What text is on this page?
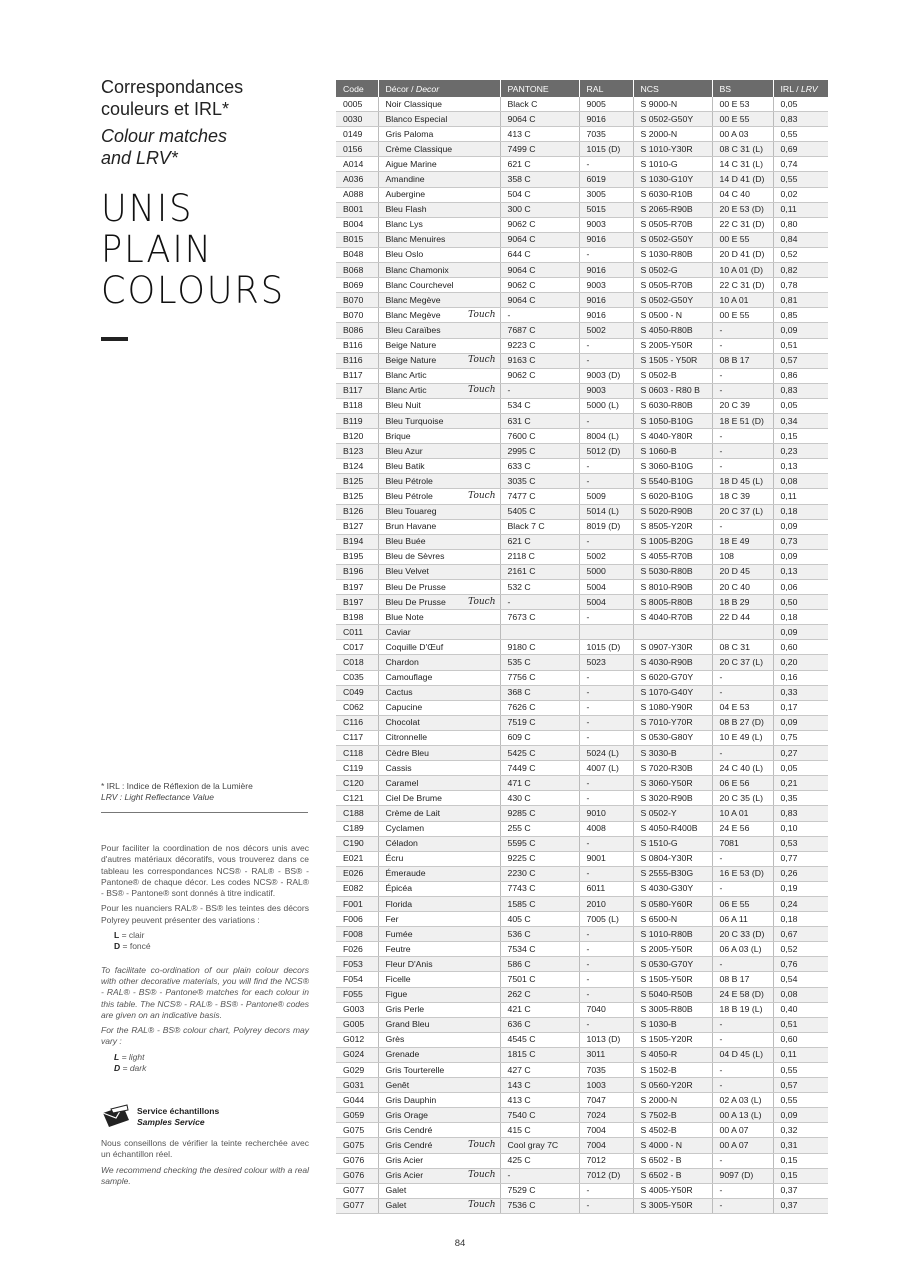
Correspondances
couleurs et IRL*
Colour matches
and LRV*
UNIS
PLAIN
COLOURS
* IRL : Indice de Réflexion de la Lumière
LRV : Light Reflectance Value

Pour faciliter la coordination de nos décors unis avec d'autres matériaux décoratifs, vous trouverez dans ce tableau les correspondances NCS® - RAL® - BS® - Pantone® de chaque décor. Les codes NCS® - RAL® - BS® - Pantone® sont donnés à titre indicatif.

Pour les nuanciers RAL® - BS® les teintes des décors Polyrey peuvent présenter des variations :

L = clair
D = foncé

To facilitate co-ordination of our plain colour decors with other decorative materials, you will find the NCS® - RAL® - BS® - Pantone® matches for each colour in this table. The NCS® - RAL® - BS® - Pantone® codes are given on an indicative basis.

For the RAL® - BS® colour chart, Polyrey decors may vary :

L = light
D = dark
Service échantillons
Samples Service

Nous conseillons de vérifier la teinte recherchée avec un échantillon réel.

We recommend checking the desired colour with a real sample.

Code	Décor / Decor	PANTONE	RAL	NCS	BS	IRL / LRV
0005	Noir Classique	Black C	9005	S 9000-N	00 E 53	0,05
0030	Blanco Especial	9064 C	9016	S 0502-G50Y	00 E 55	0,83
0149	Gris Paloma	413 C	7035	S 2000-N	00 A 03	0,55
0156	Crème Classique	7499 C	1015 (D)	S 1010-Y30R	08 C 31 (L)	0,69
A014	Aigue Marine	621 C	-	S 1010-G	14 C 31 (L)	0,74
A036	Amandine	358 C	6019	S 1030-G10Y	14 D 41 (D)	0,55
A088	Aubergine	504 C	3005	S 6030-R10B	04 C 40	0,02
B001	Bleu Flash	300 C	5015	S 2065-R90B	20 E 53 (D)	0,11
B004	Blanc Lys	9062 C	9003	S 0505-R70B	22 C 31 (D)	0,80
B015	Blanc Menuires	9064 C	9016	S 0502-G50Y	00 E 55	0,84
B048	Bleu Oslo	644 C	-	S 1030-R80B	20 D 41 (D)	0,52
B068	Blanc Chamonix	9064 C	9016	S 0502-G	10 A 01 (D)	0,82
B069	Blanc Courchevel	9062 C	9003	S 0505-R70B	22 C 31 (D)	0,78
B070	Blanc Megève	9064 C	9016	S 0502-G50Y	10 A 01	0,81
B070	Blanc Megève Touch	-	9016	S 0500 - N	00 E 55	0,85
B086	Bleu Caraïbes	7687 C	5002	S 4050-R80B	-	0,09
B116	Beige Nature	9223 C	-	S 2005-Y50R	-	0,51
B116	Beige Nature Touch	9163 C	-	S 1505 - Y50R	08 B 17	0,57
B117	Blanc Artic	9062 C	9003 (D)	S 0502-B	-	0,86
B117	Blanc Artic Touch	-	9003	S 0603 - R80 B	-	0,83
B118	Bleu Nuit	534 C	5000 (L)	S 6030-R80B	20 C 39	0,05
B119	Bleu Turquoise	631 C	-	S 1050-B10G	18 E 51 (D)	0,34
B120	Brique	7600 C	8004 (L)	S 4040-Y80R	-	0,15
B123	Bleu Azur	2995 C	5012 (D)	S 1060-B	-	0,23
B124	Bleu Batik	633 C	-	S 3060-B10G	-	0,13
B125	Bleu Pétrole	3035 C	-	S 5540-B10G	18 D 45 (L)	0,08
B125	Bleu Pétrole Touch	7477 C	5009	S 6020-B10G	18 C 39	0,11
B126	Bleu Touareg	5405 C	5014 (L)	S 5020-R90B	20 C 37 (L)	0,18
B127	Brun Havane	Black 7 C	8019 (D)	S 8505-Y20R	-	0,09
B194	Bleu Buée	621 C	-	S 1005-B20G	18 E 49	0,73
B195	Bleu de Sèvres	2118 C	5002	S 4055-R70B	108	0,09
B196	Bleu Velvet	2161 C	5000	S 5030-R80B	20 D 45	0,13
B197	Bleu De Prusse	532 C	5004	S 8010-R90B	20 C 40	0,06
B197	Bleu De Prusse Touch	-	5004	S 8005-R80B	18 B 29	0,50
B198	Blue Note	7673 C	-	S 4040-R70B	22 D 44	0,18
C011	Caviar					0,09
C017	Coquille D'Œuf	9180 C	1015 (D)	S 0907-Y30R	08 C 31	0,60
C018	Chardon	535 C	5023	S 4030-R90B	20 C 37 (L)	0,20
C035	Camouflage	7756 C	-	S 6020-G70Y	-	0,16
C049	Cactus	368 C	-	S 1070-G40Y	-	0,33
C062	Capucine	7626 C	-	S 1080-Y90R	04 E 53	0,17
C116	Chocolat	7519 C	-	S 7010-Y70R	08 B 27 (D)	0,09
C117	Citronnelle	609 C	-	S 0530-G80Y	10 E 49 (L)	0,75
C118	Cèdre Bleu	5425 C	5024 (L)	S 3030-B	-	0,27
C119	Cassis	7449 C	4007 (L)	S 7020-R30B	24 C 40 (L)	0,05
C120	Caramel	471 C	-	S 3060-Y50R	06 E 56	0,21
C121	Ciel De Brume	430 C	-	S 3020-R90B	20 C 35 (L)	0,35
C188	Crème de Lait	9285 C	9010	S 0502-Y	10 A 01	0,83
C189	Cyclamen	255 C	4008	S 4050-R400B	24 E 56	0,10
C190	Céladon	5595 C	-	S 1510-G	7081	0,53
E021	Écru	9225 C	9001	S 0804-Y30R	-	0,77
E026	Émeraude	2230 C	-	S 2555-B30G	16 E 53 (D)	0,26
E082	Épicéa	7743 C	6011	S 4030-G30Y	-	0,19
F001	Florida	1585 C	2010	S 0580-Y60R	06 E 55	0,24
F006	Fer	405 C	7005 (L)	S 6500-N	06 A 11	0,18
F008	Fumée	536 C	-	S 1010-R80B	20 C 33 (D)	0,67
F026	Feutre	7534 C	-	S 2005-Y50R	06 A 03 (L)	0,52
F053	Fleur D'Anis	586 C	-	S 0530-G70Y	-	0,76
F054	Ficelle	7501 C	-	S 1505-Y50R	08 B 17	0,54
F055	Figue	262 C	-	S 5040-R50B	24 E 58 (D)	0,08
G003	Gris Perle	421 C	7040	S 3005-R80B	18 B 19 (L)	0,40
G005	Grand Bleu	636 C	-	S 1030-B	-	0,51
G012	Grès	4545 C	1013 (D)	S 1505-Y20R	-	0,60
G024	Grenade	1815 C	3011	S 4050-R	04 D 45 (L)	0,11
G029	Gris Tourterelle	427 C	7035	S 1502-B	-	0,55
G031	Genêt	143 C	1003	S 0560-Y20R	-	0,57
G044	Gris Dauphin	413 C	7047	S 2000-N	02 A 03 (L)	0,55
G059	Gris Orage	7540 C	7024	S 7502-B	00 A 13 (L)	0,09
G075	Gris Cendré	415 C	7004	S 4502-B	00 A 07	0,32
G075	Gris Cendré Touch	Cool gray 7C	7004	S 4000 - N	00 A 07	0,31
G076	Gris Acier	425 C	7012	S 6502 - B	-	0,15
G076	Gris Acier Touch	-	7012 (D)	S 6502 - B	9097 (D)	0,15
G077	Galet	7529 C	-	S 4005-Y50R	-	0,37
G077	Galet Touch	7536 C	-	S 3005-Y50R	-	0,37
84
